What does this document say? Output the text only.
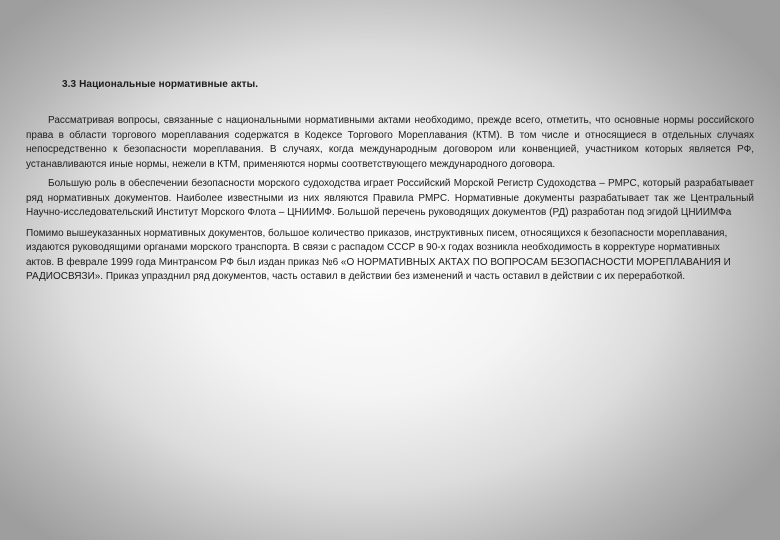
3.3 Национальные нормативные акты.

Рассматривая вопросы, связанные с национальными нормативными актами необходимо, прежде всего, отметить, что основные нормы российского права в области торгового мореплавания содержатся в Кодексе Торгового Мореплавания (КТМ). В том числе и относящиеся в отдельных случаях непосредственно к безопасности мореплавания. В случаях, когда международным договором или конвенцией, участником которых является РФ, устанавливаются иные нормы, нежели в КТМ, применяются нормы соответствующего международного договора.

Большую роль в обеспечении безопасности морского судоходства играет Российский Морской Регистр Судоходства – РМРС, который разрабатывает ряд нормативных документов. Наиболее известными из них являются Правила РМРС. Нормативные документы разрабатывает так же Центральный Научно-исследовательский Институт Морского Флота – ЦНИИМФ. Большой перечень руководящих документов (РД) разработан под эгидой ЦНИИМФа

Помимо вышеуказанных нормативных документов, большое количество приказов, инструктивных писем, относящихся к безопасности мореплавания, издаются руководящими органами морского транспорта. В связи с распадом СССР в 90-х годах возникла необходимость в корректуре нормативных актов. В феврале 1999 года Минтрансом РФ был издан приказ №6 «О НОРМАТИВНЫХ АКТАХ ПО ВОПРОСАМ БЕЗОПАСНОСТИ МОРЕПЛАВАНИЯ И РАДИОСВЯЗИ». Приказ упразднил ряд документов, часть оставил в действии без изменений и часть оставил в действии с их переработкой.
